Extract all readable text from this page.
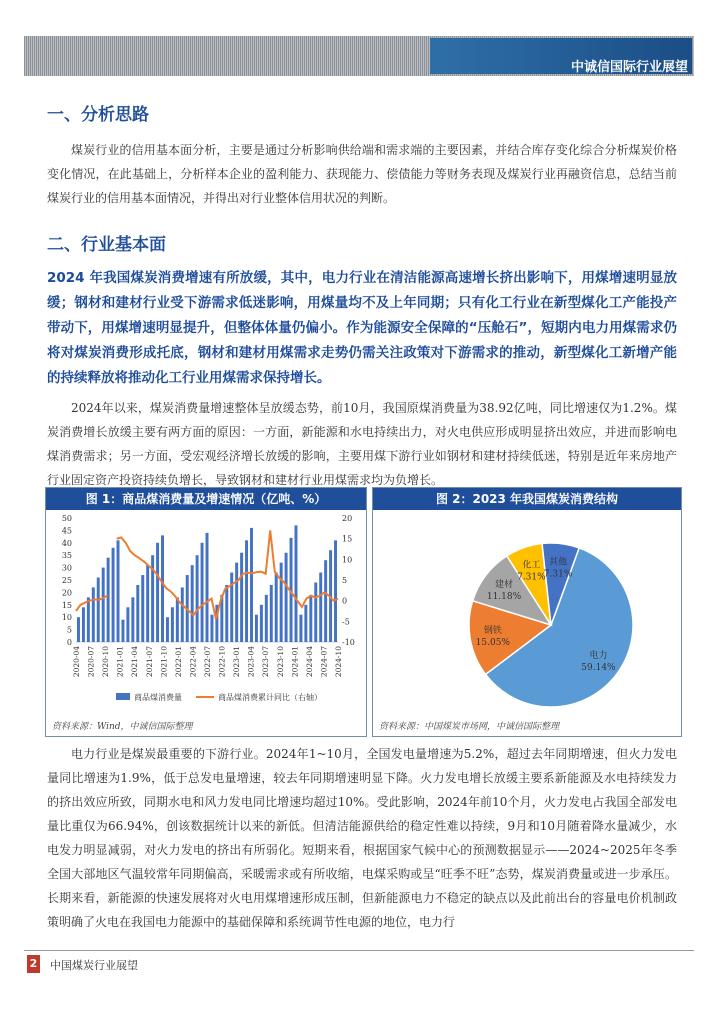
中诚信国际行业展望
一、分析思路
煤炭行业的信用基本面分析，主要是通过分析影响供给端和需求端的主要因素，并结合库存变化综合分析煤炭价格变化情况，在此基础上，分析样本企业的盈利能力、获现能力、偿债能力等财务表现及煤炭行业再融资信息，总结当前煤炭行业的信用基本面情况，并得出对行业整体信用状况的判断。
二、行业基本面
2024 年我国煤炭消费增速有所放缓，其中，电力行业在清洁能源高速增长挤出影响下，用煤增速明显放缓；钢材和建材行业受下游需求低迷影响，用煤量均不及上年同期；只有化工行业在新型煤化工产能投产带动下，用煤增速明显提升，但整体体量仍偏小。作为能源安全保障的“压舱石”，短期内电力用煤需求仍将对煤炭消费形成托底，钢材和建材用煤需求走势仍需关注政策对下游需求的推动，新型煤化工新增产能的持续释放将推动化工行业用煤需求保持增长。
2024年以来，煤炭消费量增速整体呈放缓态势，前10月，我国原煤消费量为38.92亿吨，同比增速仅为1.2%。煤炭消费增长放缓主要有两方面的原因：一方面，新能源和水电持续出力，对火电供应形成明显挤出效应，并进而影响电煤消费需求；另一方面，受宏观经济增长放缓的影响，主要用煤下游行业如钢材和建材持续低迷，特别是近年来房地产行业固定资产投资持续负增长，导致钢材和建材行业用煤需求均为负增长。
图 1：商品煤消费量及增速情况（亿吨、%）
50
45
40
35
30
25
20
15
10
5
0
20
15
10
5
0
-5
-10
2020-04 2020-07 2020-10 2021-01 2021-04 2021-07 2021-10 2022-01 2022-04 2022-07 2022-10 2023-01 2023-04 2023-07 2023-10 2024-01 2024-04 2024-07 2024-10
商品煤消费量	商品煤消费累计同比（右轴）
资料来源：Wind，中诚信国际整理
图 2：2023 年我国煤炭消费结构
电力
59.14%
钢铁
15.05%
建材
11.18%
化工
7.31%
其他
7.31%
资料来源：中国煤炭市场网，中诚信国际整理
电力行业是煤炭最重要的下游行业。2024年1~10月，全国发电量增速为5.2%，超过去年同期增速，但火力发电量同比增速为1.9%，低于总发电量增速，较去年同期增速明显下降。火力发电增长放缓主要系新能源及水电持续发力的挤出效应所致，同期水电和风力发电同比增速均超过10%。受此影响，2024年前10个月，火力发电占我国全部发电量比重仅为66.94%，创该数据统计以来的新低。但清洁能源供给的稳定性难以持续，9月和10月随着降水量减少，水电发力明显减弱，对火力发电的挤出有所弱化。短期来看，根据国家气候中心的预测数据显示——2024~2025年冬季全国大部地区气温较常年同期偏高，采暖需求或有所收缩，电煤采购或呈“旺季不旺”态势，煤炭消费量或进一步承压。长期来看，新能源的快速发展将对火电用煤增速形成压制，但新能源电力不稳定的缺点以及此前出台的容量电价机制政策明确了火电在我国电力能源中的基础保障和系统调节性电源的地位，电力行
2 中国煤炭行业展望
